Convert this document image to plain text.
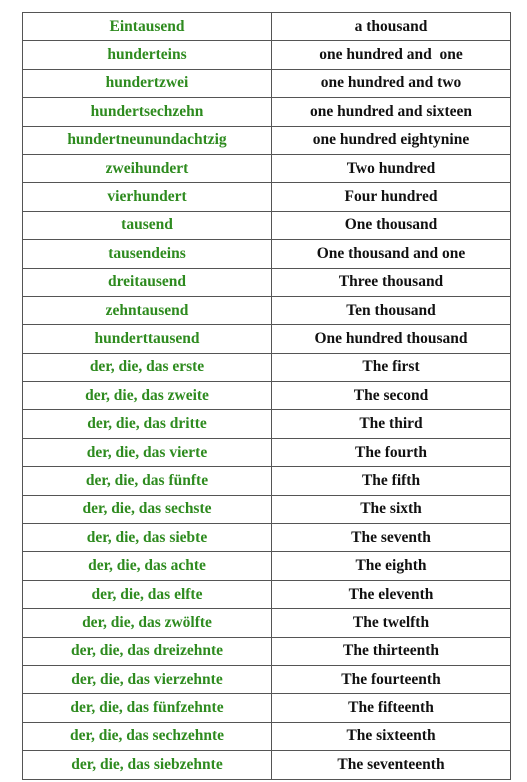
Eintausend	a thousand
hunderteins	one hundred and  one
hundertzwei	one hundred and two
hundertsechzehn	one hundred and sixteen
hundertneunundachtzig	one hundred eightynine
zweihundert	Two hundred
vierhundert	Four hundred
tausend	One thousand
tausendeins	One thousand and one
dreitausend	Three thousand
zehntausend	Ten thousand
hunderttausend	One hundred thousand
der, die, das erste	The first
der, die, das zweite	The second
der, die, das dritte	The third
der, die, das vierte	The fourth
der, die, das fünfte	The fifth
der, die, das sechste	The sixth
der, die, das siebte	The seventh
der, die, das achte	The eighth
der, die, das elfte	The eleventh
der, die, das zwölfte	The twelfth
der, die, das dreizehnte	The thirteenth
der, die, das vierzehnte	The fourteenth
der, die, das fünfzehnte	The fifteenth
der, die, das sechzehnte	The sixteenth
der, die, das siebzehnte	The seventeenth
